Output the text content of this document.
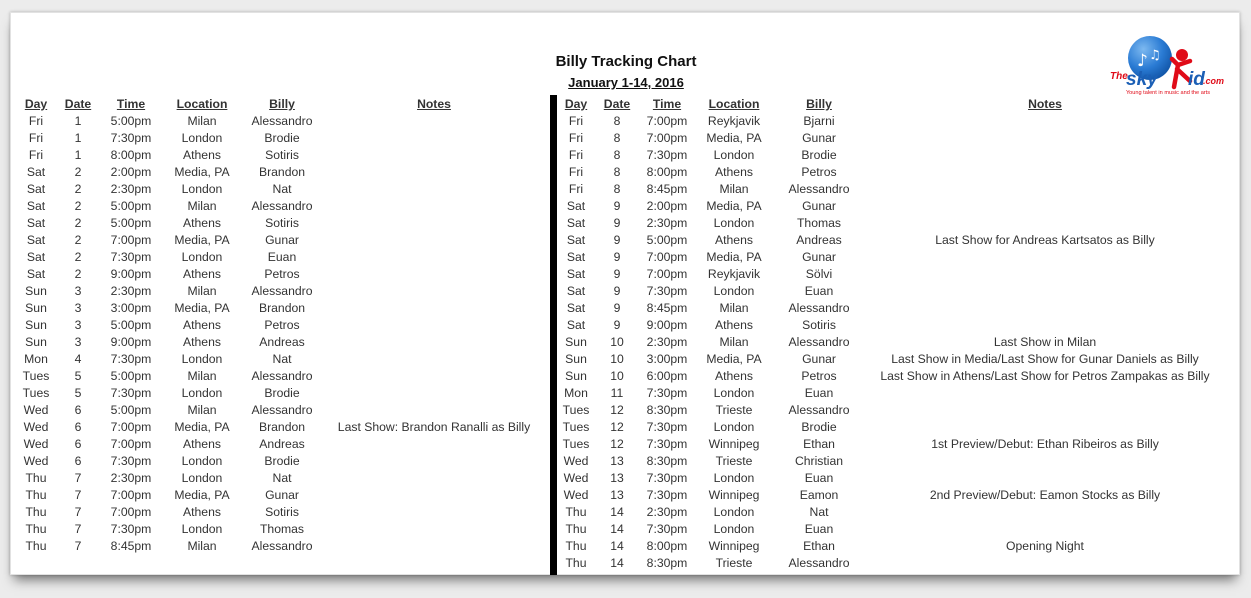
Billy Tracking Chart
January 1-14, 2016
♪ ♫
The
sky id
.com
Young talent in music and the arts
Day	Date	Time	Location	Billy	Notes
Fri	1	5:00pm	Milan	Alessandro
Fri	1	7:30pm	London	Brodie
Fri	1	8:00pm	Athens	Sotiris
Sat	2	2:00pm	Media, PA	Brandon
Sat	2	2:30pm	London	Nat
Sat	2	5:00pm	Milan	Alessandro
Sat	2	5:00pm	Athens	Sotiris
Sat	2	7:00pm	Media, PA	Gunar
Sat	2	7:30pm	London	Euan
Sat	2	9:00pm	Athens	Petros
Sun	3	2:30pm	Milan	Alessandro
Sun	3	3:00pm	Media, PA	Brandon
Sun	3	5:00pm	Athens	Petros
Sun	3	9:00pm	Athens	Andreas
Mon	4	7:30pm	London	Nat
Tues	5	5:00pm	Milan	Alessandro
Tues	5	7:30pm	London	Brodie
Wed	6	5:00pm	Milan	Alessandro
Wed	6	7:00pm	Media, PA	Brandon	Last Show: Brandon Ranalli as Billy
Wed	6	7:00pm	Athens	Andreas
Wed	6	7:30pm	London	Brodie
Thu	7	2:30pm	London	Nat
Thu	7	7:00pm	Media, PA	Gunar
Thu	7	7:00pm	Athens	Sotiris
Thu	7	7:30pm	London	Thomas
Thu	7	8:45pm	Milan	Alessandro
Day	Date	Time	Location	Billy	Notes
Fri	8	7:00pm	Reykjavik	Bjarni
Fri	8	7:00pm	Media, PA	Gunar
Fri	8	7:30pm	London	Brodie
Fri	8	8:00pm	Athens	Petros
Fri	8	8:45pm	Milan	Alessandro
Sat	9	2:00pm	Media, PA	Gunar
Sat	9	2:30pm	London	Thomas
Sat	9	5:00pm	Athens	Andreas	Last Show for Andreas Kartsatos as Billy
Sat	9	7:00pm	Media, PA	Gunar
Sat	9	7:00pm	Reykjavik	Sölvi
Sat	9	7:30pm	London	Euan
Sat	9	8:45pm	Milan	Alessandro
Sat	9	9:00pm	Athens	Sotiris
Sun	10	2:30pm	Milan	Alessandro	Last Show in Milan
Sun	10	3:00pm	Media, PA	Gunar	Last Show in Media/Last Show for Gunar Daniels as Billy
Sun	10	6:00pm	Athens	Petros	Last Show in Athens/Last Show for Petros Zampakas as Billy
Mon	11	7:30pm	London	Euan
Tues	12	8:30pm	Trieste	Alessandro
Tues	12	7:30pm	London	Brodie
Tues	12	7:30pm	Winnipeg	Ethan	1st Preview/Debut: Ethan Ribeiros as Billy
Wed	13	8:30pm	Trieste	Christian
Wed	13	7:30pm	London	Euan
Wed	13	7:30pm	Winnipeg	Eamon	2nd Preview/Debut: Eamon Stocks as Billy
Thu	14	2:30pm	London	Nat
Thu	14	7:30pm	London	Euan
Thu	14	8:00pm	Winnipeg	Ethan	Opening Night
Thu	14	8:30pm	Trieste	Alessandro
